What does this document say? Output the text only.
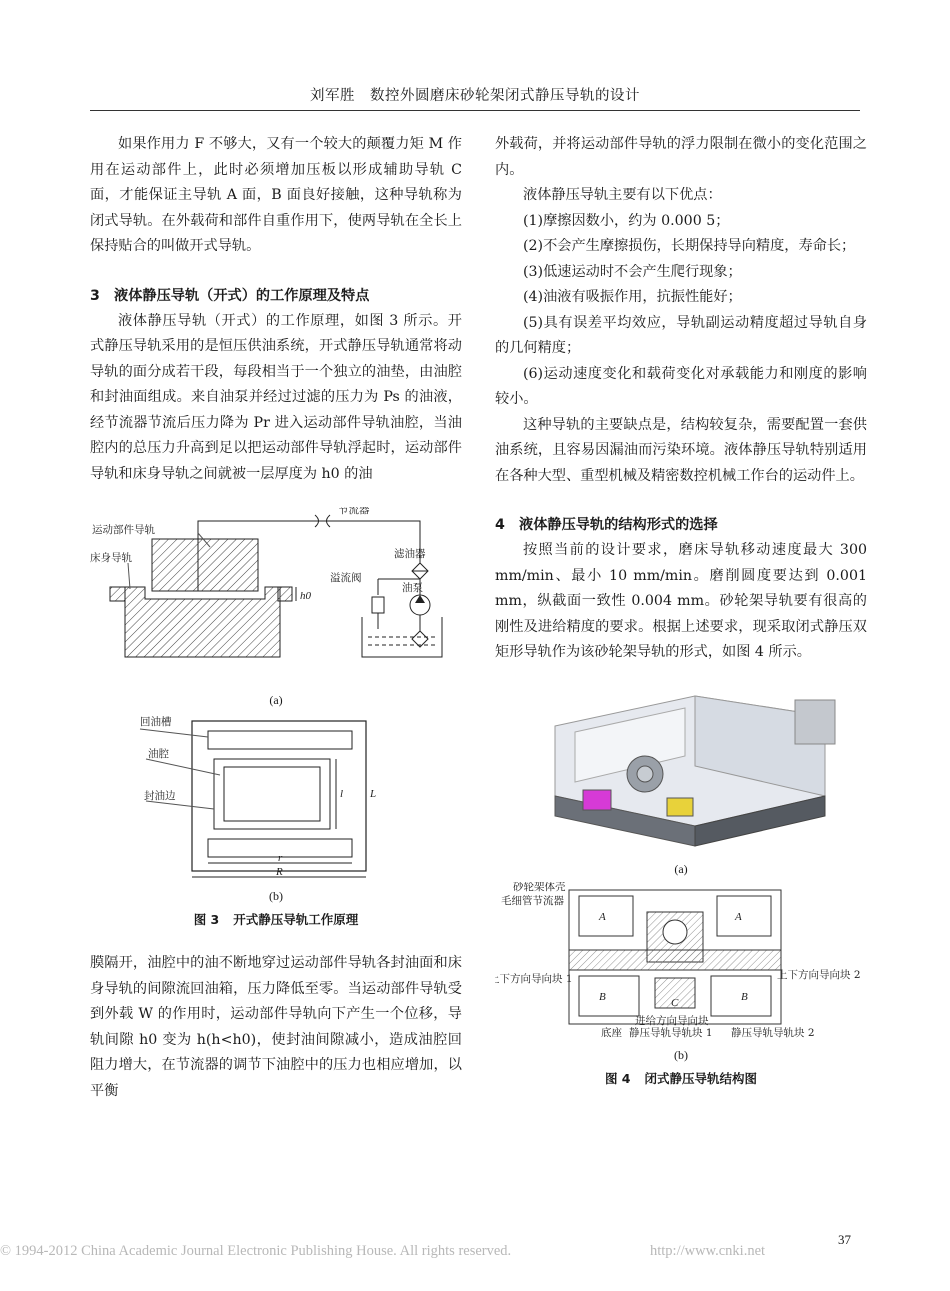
刘军胜　数控外圆磨床砂轮架闭式静压导轨的设计

如果作用力 F 不够大，又有一个较大的颠覆力矩 M 作用在运动部件上，此时必须增加压板以形成辅助导轨 C 面，才能保证主导轨 A 面，B 面良好接触，这种导轨称为闭式导轨。在外载荷和部件自重作用下，使两导轨在全长上保持贴合的叫做开式导轨。

3　液体静压导轨（开式）的工作原理及特点

液体静压导轨（开式）的工作原理，如图 3 所示。开式静压导轨采用的是恒压供油系统，开式静压导轨通常将动导轨的面分成若干段，每段相当于一个独立的油垫，由油腔和封油面组成。来自油泵并经过过滤的压力为 Ps 的油液，经节流器节流后压力降为 Pr 进入运动部件导轨油腔，当油腔内的总压力升高到足以把运动部件导轨浮起时，运动部件导轨和床身导轨之间就被一层厚度为 h0 的油

运动部件导轨
床身导轨
节流器
滤油器
溢流阀
油泵
h0
(a)
回油槽
油腔
封油边	l L
r
R
(b)
图 3 开式静压导轨工作原理

膜隔开，油腔中的油不断地穿过运动部件导轨各封油面和床身导轨的间隙流回油箱，压力降低至零。当运动部件导轨受到外载 W 的作用时，运动部件导轨向下产生一个位移，导轨间隙 h0 变为 h(h<h0)，使封油间隙减小，造成油腔回阻力增大，在节流器的调节下油腔中的压力也相应增加，以平衡

外载荷，并将运动部件导轨的浮力限制在微小的变化范围之内。

液体静压导轨主要有以下优点：

(1)摩擦因数小，约为 0.000 5；

(2)不会产生摩擦损伤，长期保持导向精度，寿命长；

(3)低速运动时不会产生爬行现象；

(4)油液有吸振作用，抗振性能好；

(5)具有误差平均效应，导轨副运动精度超过导轨自身的几何精度；

(6)运动速度变化和载荷变化对承载能力和刚度的影响较小。

这种导轨的主要缺点是，结构较复杂，需要配置一套供油系统，且容易因漏油而污染环境。液体静压导轨特别适用在各种大型、重型机械及精密数控机械工作台的运动件上。

4　液体静压导轨的结构形式的选择

按照当前的设计要求，磨床导轨移动速度最大 300 mm/min、最小 10 mm/min。磨削圆度要达到 0.001 mm，纵截面一致性 0.004 mm。砂轮架导轨要有很高的刚性及进给精度的要求。根据上述要求，现采取闭式静压双矩形导轨作为该砂轮架导轨的形式，如图 4 所示。

(a)
A	A
B	B
C
砂轮架体壳
毛细管节流器
上下方向导向块 1	上下方向导向块 2
进给方向导向块
底座 静压导轨导轨块 1 静压导轨导轨块 2
(b)
图 4 闭式静压导轨结构图
37
© 1994-2012 China Academic Journal Electronic Publishing House. All rights reserved.	http://www.cnki.net
